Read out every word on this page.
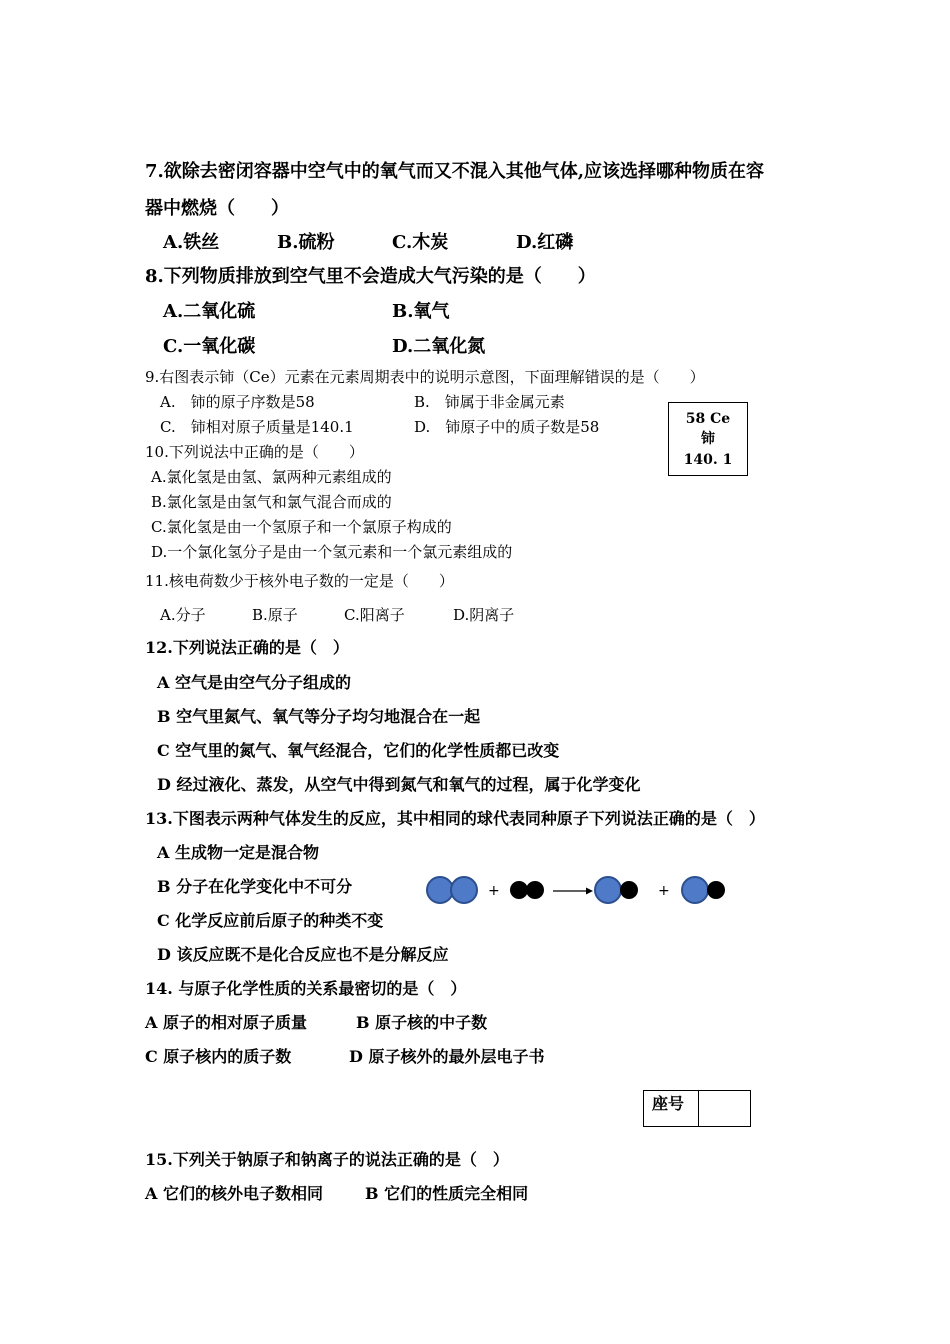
7.欲除去密闭容器中空气中的氧气而又不混入其他气体,应该选择哪种物质在容
器中燃烧（　　）
A.铁丝	B.硫粉	C.木炭	D.红磷
8.下列物质排放到空气里不会造成大气污染的是（　　）
A.二氧化硫	B.氧气
C.一氧化碳	D.二氧化氮
9.右图表示铈（Ce）元素在元素周期表中的说明示意图，下面理解错误的是（　　）
A.　铈的原子序数是58	B.　铈属于非金属元素
C.　铈相对原子质量是140.1	D.　铈原子中的质子数是58	58 Ce
铈
140. 1
10.下列说法中正确的是（　　）
A.氯化氢是由氢、氯两种元素组成的
B.氯化氢是由氢气和氯气混合而成的
C.氯化氢是由一个氢原子和一个氯原子构成的
D.一个氯化氢分子是由一个氢元素和一个氯元素组成的
11.核电荷数少于核外电子数的一定是（　　）
A.分子	B.原子	C.阳离子	D.阴离子
12.下列说法正确的是（　）
A 空气是由空气分子组成的
B 空气里氮气、氧气等分子均匀地混合在一起
C 空气里的氮气、氧气经混合，它们的化学性质都已改变
D 经过液化、蒸发，从空气中得到氮气和氧气的过程，属于化学变化
13.下图表示两种气体发生的反应，其中相同的球代表同种原子下列说法正确的是（　）
A 生成物一定是混合物
B 分子在化学变化中不可分
C 化学反应前后原子的种类不变
D 该反应既不是化合反应也不是分解反应
+	+
14. 与原子化学性质的关系最密切的是（　）
A 原子的相对原子质量	B 原子核的中子数
C 原子核内的质子数	D 原子核外的最外层电子书
座号
15.下列关于钠原子和钠离子的说法正确的是（　）
A 它们的核外电子数相同	B 它们的性质完全相同
